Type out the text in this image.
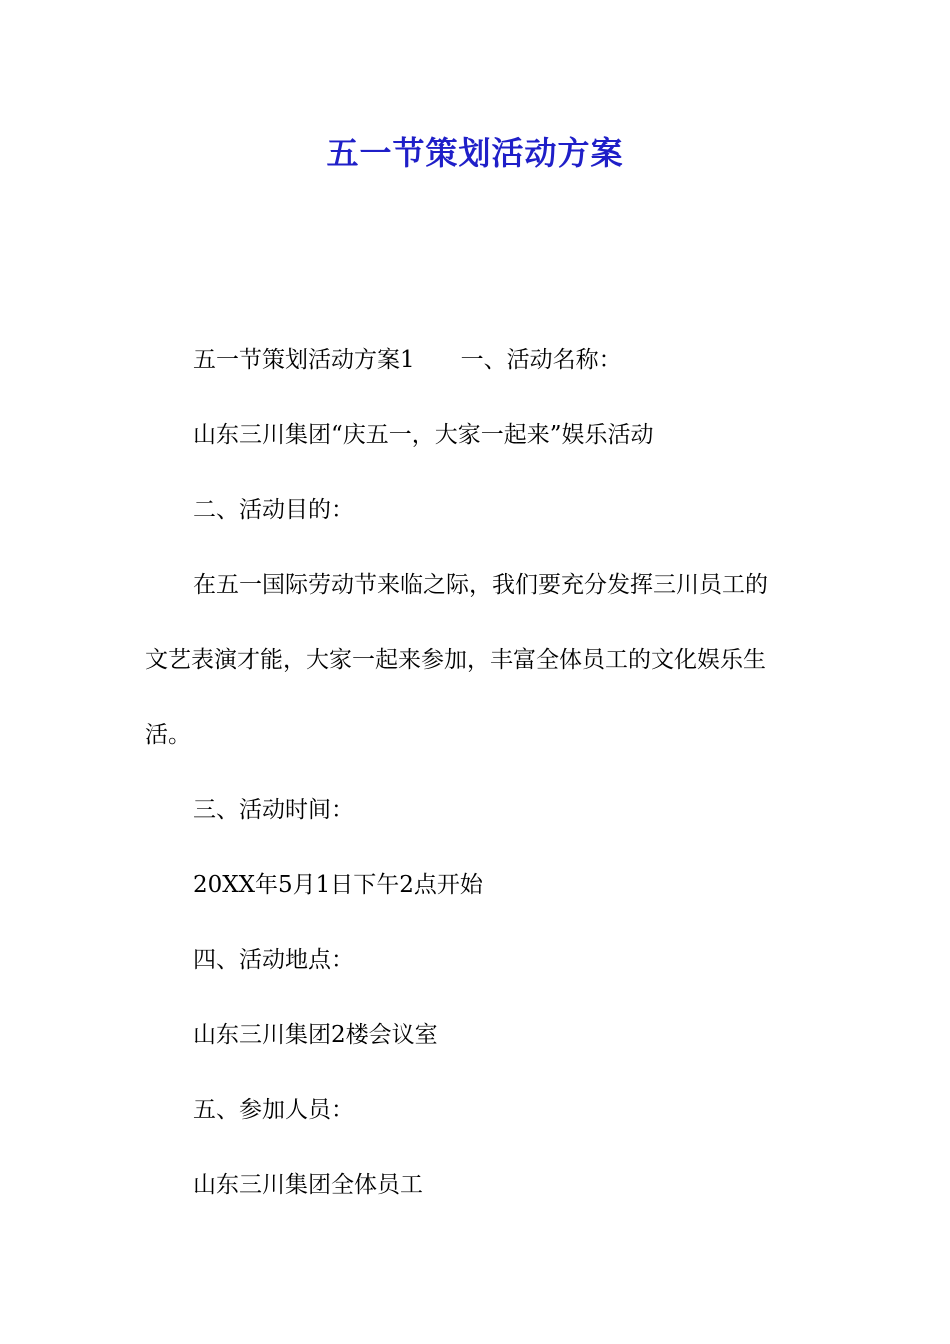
五一节策划活动方案

五一节策划活动方案1 一、活动名称：

山东三川集团“庆五一，大家一起来”娱乐活动

二、活动目的：

在五一国际劳动节来临之际，我们要充分发挥三川员工的

文艺表演才能，大家一起来参加，丰富全体员工的文化娱乐生

活。

三、活动时间：

20XX年5月1日下午2点开始

四、活动地点：

山东三川集团2楼会议室

五、参加人员：

山东三川集团全体员工
